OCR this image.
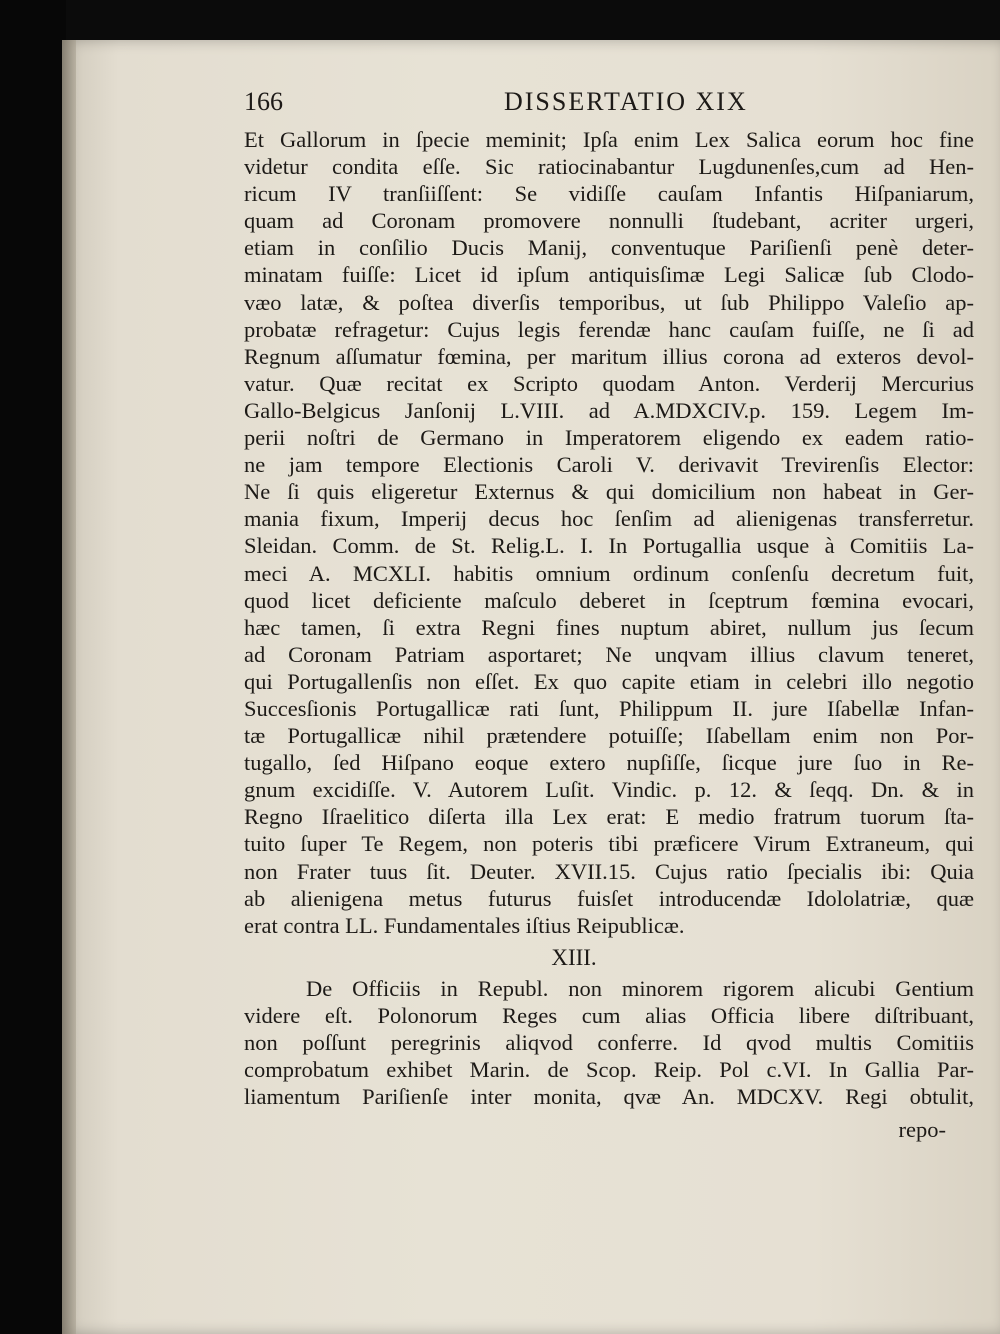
166	DISSERTATIO XIX
Et Gallorum in ſpecie meminit; Ipſa enim Lex Salica eorum hoc fine
videtur condita eſſe. Sic ratiocinabantur Lugdunenſes,cum ad Hen-
ricum IV tranſiiſſent: Se vidiſſe cauſam Infantis Hiſpaniarum,
quam ad Coronam promovere nonnulli ſtudebant, acriter urgeri,
etiam in conſilio Ducis Manij, conventuque Pariſienſi penè deter-
minatam fuiſſe: Licet id ipſum antiquisſimæ Legi Salicæ ſub Clodo-
væo latæ, & poſtea diverſis temporibus, ut ſub Philippo Valeſio ap-
probatæ refragetur: Cujus legis ferendæ hanc cauſam fuiſſe, ne ſi ad
Regnum aſſumatur fœmina, per maritum illius corona ad exteros devol-
vatur. Quæ recitat ex Scripto quodam Anton. Verderij Mercurius
Gallo-Belgicus Janſonij L.VIII. ad A.MDXCIV.p. 159. Legem Im-
perii noſtri de Germano in Imperatorem eligendo ex eadem ratio-
ne jam tempore Electionis Caroli V. derivavit Trevirenſis Elector:
Ne ſi quis eligeretur Externus & qui domicilium non habeat in Ger-
mania fixum, Imperij decus hoc ſenſim ad alienigenas transferretur.
Sleidan. Comm. de St. Relig.L. I. In Portugallia usque à Comitiis La-
meci A. MCXLI. habitis omnium ordinum conſenſu decretum fuit,
quod licet deficiente maſculo deberet in ſceptrum fœmina evocari,
hæc tamen, ſi extra Regni fines nuptum abiret, nullum jus ſecum
ad Coronam Patriam asportaret; Ne unqvam illius clavum teneret,
qui Portugallenſis non eſſet. Ex quo capite etiam in celebri illo negotio
Succesſionis Portugallicæ rati ſunt, Philippum II. jure Iſabellæ Infan-
tæ Portugallicæ nihil prætendere potuiſſe; Iſabellam enim non Por-
tugallo, ſed Hiſpano eoque extero nupſiſſe, ſicque jure ſuo in Re-
gnum excidiſſe. V. Autorem Luſit. Vindic. p. 12. & ſeqq. Dn. & in
Regno Iſraelitico diſerta illa Lex erat: E medio fratrum tuorum ſta-
tuito ſuper Te Regem, non poteris tibi præficere Virum Extraneum, qui
non Frater tuus ſit. Deuter. XVII.15. Cujus ratio ſpecialis ibi: Quia
ab alienigena metus futurus fuisſet introducendæ Idololatriæ, quæ
erat contra LL. Fundamentales iſtius Reipublicæ.
XIII.
De Officiis in Republ. non minorem rigorem alicubi Gentium
videre eſt. Polonorum Reges cum alias Officia libere diſtribuant,
non poſſunt peregrinis aliqvod conferre. Id qvod multis Comitiis
comprobatum exhibet Marin. de Scop. Reip. Pol c.VI. In Gallia Par-
liamentum Pariſienſe inter monita, qvæ An. MDCXV. Regi obtulit,
repo-
